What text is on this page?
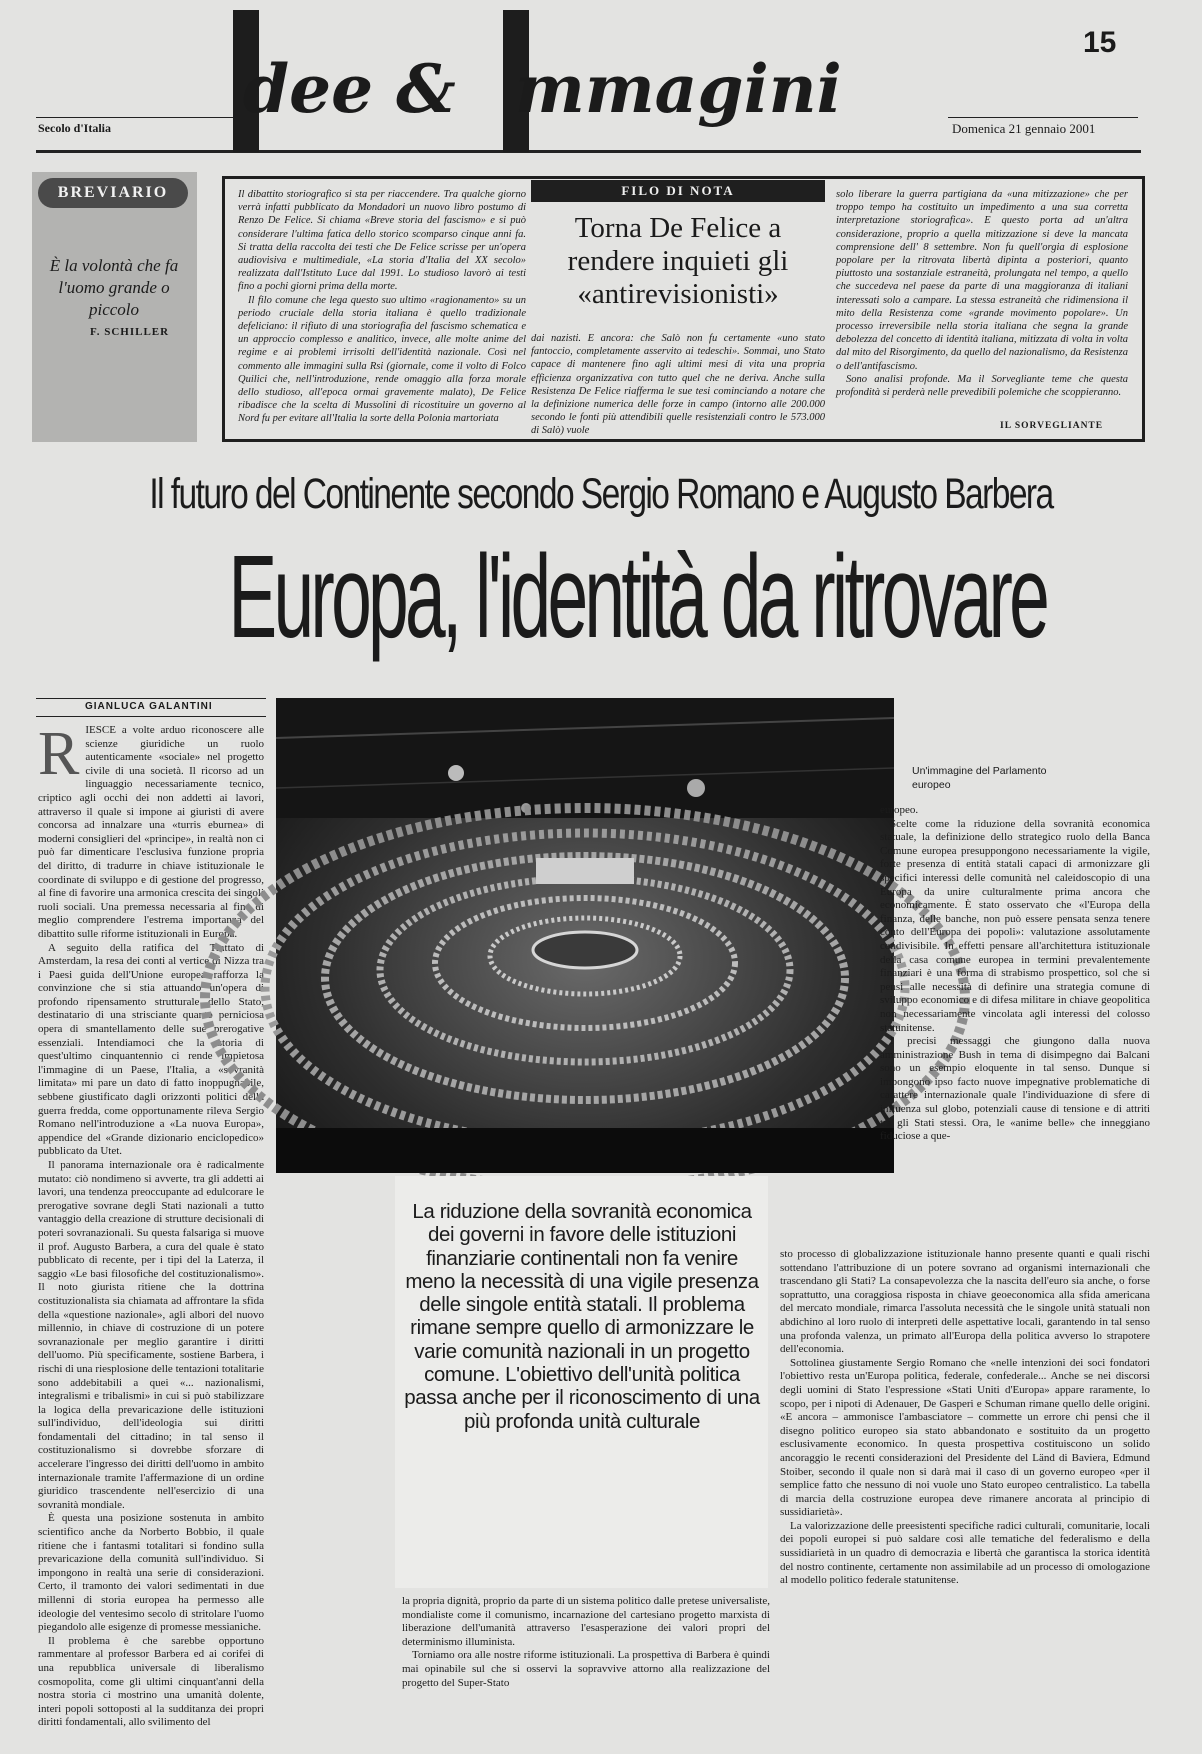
15
Secolo d'Italia	Domenica 21 gennaio 2001
dee & mmagini
BREVIARIO
È la volontà che fa l'uomo grande o piccolo
F. SCHILLER

Il dibattito storiografico si sta per riaccendere. Tra qualche giorno verrà infatti pubblicato da Mondadori un nuovo libro postumo di Renzo De Felice. Si chiama «Breve storia del fascismo» e si può considerare l'ultima fatica dello storico scomparso cinque anni fa. Si tratta della raccolta dei testi che De Felice scrisse per un'opera audiovisiva e multimediale, «La storia d'Italia del XX secolo» realizzata dall'Istituto Luce dal 1991. Lo studioso lavorò ai testi fino a pochi giorni prima della morte.

Il filo comune che lega questo suo ultimo «ragionamento» su un periodo cruciale della storia italiana è quello tradizionale defeliciano: il rifiuto di una storiografia del fascismo schematica e un approccio complesso e analitico, invece, alle molte anime del regime e ai problemi irrisolti dell'identità nazionale. Così nel commento alle immagini sulla Rsi (giornale, come il volto di Folco Quilici che, nell'introduzione, rende omaggio alla forza morale dello studioso, all'epoca ormai gravemente malato), De Felice ribadisce che la scelta di Mussolini di ricostituire un governo al Nord fu per evitare all'Italia la sorte della Polonia martoriata

FILO DI NOTA
Torna De Felice a rendere inquieti gli «antirevisionisti»

dai nazisti. E ancora: che Salò non fu certamente «uno stato fantoccio, completamente asservito ai tedeschi». Sommai, uno Stato capace di mantenere fino agli ultimi mesi di vita una propria efficienza organizzativa con tutto quel che ne deriva. Anche sulla Resistenza De Felice riafferma le sue tesi cominciando a notare che la definizione numerica delle forze in campo (intorno alle 200.000 secondo le fonti più attendibili quelle resistenziali contro le 573.000 di Salò) vuole

solo liberare la guerra partigiana da «una mitizzazione» che per troppo tempo ha costituito un impedimento a una sua corretta interpretazione storiografica». E questo porta ad un'altra considerazione, proprio a quella mitizzazione si deve la mancata comprensione dell' 8 settembre. Non fu quell'orgia di esplosione popolare per la ritrovata libertà dipinta a posteriori, quanto piuttosto una sostanziale estraneità, prolungata nel tempo, a quello che succedeva nel paese da parte di una maggioranza di italiani interessati solo a campare. La stessa estraneità che ridimensiona il mito della Resistenza come «grande movimento popolare». Un processo irreversibile nella storia italiana che segna la grande debolezza del concetto di identità italiana, mitizzata di volta in volta dal mito del Risorgimento, da quello del nazionalismo, da Resistenza o dell'antifascismo.

Sono analisi profonde. Ma il Sorvegliante teme che questa profondità si perderà nelle prevedibili polemiche che scoppieranno.

IL SORVEGLIANTE
Il futuro del Continente secondo Sergio Romano e Augusto Barbera
Europa, l'identità da ritrovare
GIANLUCA GALANTINI
R IESCE a volte arduo riconoscere alle scienze giuridiche un ruolo autenticamente «sociale» nel progetto civile di una società. Il ricorso ad un linguaggio necessariamente tecnico, criptico agli occhi dei non addetti ai lavori, attraverso il quale si impone ai giuristi di avere concorsa ad innalzare una «turris eburnea» di moderni consiglieri del «principe», in realtà non ci può far dimenticare l'esclusiva funzione propria del diritto, di tradurre in chiave istituzionale le coordinate di sviluppo e di gestione del progresso, al fine di favorire una armonica crescita dei singoli ruoli sociali. Una premessa necessaria al fine di meglio comprendere l'estrema importanza del dibattito sulle riforme istituzionali in Europa.

A seguito della ratifica del Trattato di Amsterdam, la resa dei conti al vertice di Nizza tra i Paesi guida dell'Unione europea rafforza la convinzione che si stia attuando un'opera di profondo ripensamento strutturale dello Stato, destinatario di una strisciante quanto perniciosa opera di smantellamento delle sue prerogative essenziali. Intendiamoci che la storia di quest'ultimo cinquantennio ci rende impietosa l'immagine di un Paese, l'Italia, a «sovranità limitata» mi pare un dato di fatto inoppugnabile, sebbene giustificato dagli orizzonti politici della guerra fredda, come opportunamente rileva Sergio Romano nell'introduzione a «La nuova Europa», appendice del «Grande dizionario enciclopedico» pubblicato da Utet.

Il panorama internazionale ora è radicalmente mutato: ciò nondimeno si avverte, tra gli addetti ai lavori, una tendenza preoccupante ad edulcorare le prerogative sovrane degli Stati nazionali a tutto vantaggio della creazione di strutture decisionali di poteri sovranazionali. Su questa falsariga si muove il prof. Augusto Barbera, a cura del quale è stato pubblicato di recente, per i tipi del la Laterza, il saggio «Le basi filosofiche del costituzionalismo». Il noto giurista ritiene che la dottrina costituzionalista sia chiamata ad affrontare la sfida della «questione nazionale», agli albori del nuovo millennio, in chiave di costruzione di un potere sovranazionale per meglio garantire i diritti dell'uomo. Più specificamente, sostiene Barbera, i rischi di una riesplosione delle tentazioni totalitarie sono addebitabili a quei «... nazionalismi, integralismi e tribalismi» in cui si può stabilizzare la logica della prevaricazione delle istituzioni sull'individuo, dell'ideologia sui diritti fondamentali del cittadino; in tal senso il costituzionalismo si dovrebbe sforzare di accelerare l'ingresso dei diritti dell'uomo in ambito internazionale tramite l'affermazione di un ordine giuridico trascendente nell'esercizio di una sovranità mondiale.

È questa una posizione sostenuta in ambito scientifico anche da Norberto Bobbio, il quale ritiene che i fantasmi totalitari si fondino sulla prevaricazione della comunità sull'individuo. Si impongono in realtà una serie di considerazioni. Certo, il tramonto dei valori sedimentati in due millenni di storia europea ha permesso alle ideologie del ventesimo secolo di stritolare l'uomo piegandolo alle esigenze di promesse messianiche.

Il problema è che sarebbe opportuno rammentare al professor Barbera ed ai corifei di una repubblica universale di liberalismo cosmopolita, come gli ultimi cinquant'anni della nostra storia ci mostrino una umanità dolente, interi popoli sottoposti al la sudditanza dei propri diritti fondamentali, allo svilimento del

Un'immagine del Parlamento europeo

europeo.

Scelte come la riduzione della sovranità economica statuale, la definizione dello strategico ruolo della Banca Comune europea presuppongono necessariamente la vigile, forte presenza di entità statali capaci di armonizzare gli specifici interessi delle comunità nel caleidoscopio di una Europa da unire culturalmente prima ancora che economicamente. È stato osservato che «l'Europa della finanza, delle banche, non può essere pensata senza tenere conto dell'Europa dei popoli»: valutazione assolutamente condivisibile. In effetti pensare all'architettura istituzionale della casa comune europea in termini prevalentemente finanziari è una forma di strabismo prospettico, sol che si pensi alle necessità di definire una strategia comune di sviluppo economico e di difesa militare in chiave geopolitica non necessariamente vincolata agli interessi del colosso statunitense.

I precisi messaggi che giungono dalla nuova amministrazione Bush in tema di disimpegno dai Balcani sono un esempio eloquente in tal senso. Dunque si impongono ipso facto nuove impegnative problematiche di carattere internazionale quale l'individuazione di sfere di influenza sul globo, potenziali cause di tensione e di attriti tra gli Stati stessi. Ora, le «anime belle» che inneggiano fiduciose a que-

La riduzione della sovranità economica dei governi in favore delle istituzioni finanziarie continentali non fa venire meno la necessità di una vigile presenza delle singole entità statali. Il problema rimane sempre quello di armonizzare le varie comunità nazionali in un progetto comune. L'obiettivo dell'unità politica passa anche per il riconoscimento di una più profonda unità culturale

la propria dignità, proprio da parte di un sistema politico dalle pretese universaliste, mondialiste come il comunismo, incarnazione del cartesiano progetto marxista di liberazione dell'umanità attraverso l'esasperazione dei valori propri del determinismo illuminista.

Torniamo ora alle nostre riforme istituzionali. La prospettiva di Barbera è quindi mai opinabile sul che si osservi la sopravvive attorno alla realizzazione del progetto del Super-Stato

sto processo di globalizzazione istituzionale hanno presente quanti e quali rischi sottendano l'attribuzione di un potere sovrano ad organismi internazionali che trascendano gli Stati? La consapevolezza che la nascita dell'euro sia anche, o forse soprattutto, una coraggiosa risposta in chiave geoeconomica alla sfida americana del mercato mondiale, rimarca l'assoluta necessità che le singole unità statuali non abdichino al loro ruolo di interpreti delle aspettative locali, garantendo in tal senso una profonda valenza, un primato all'Europa della politica avverso lo strapotere dell'economia.

Sottolinea giustamente Sergio Romano che «nelle intenzioni dei soci fondatori l'obiettivo resta un'Europa politica, federale, confederale... Anche se nei discorsi degli uomini di Stato l'espressione «Stati Uniti d'Europa» appare raramente, lo scopo, per i nipoti di Adenauer, De Gasperi e Schuman rimane quello delle origini. «E ancora – ammonisce l'ambasciatore – commette un errore chi pensi che il disegno politico europeo sia stato abbandonato e sostituito da un progetto esclusivamente economico. In questa prospettiva costituiscono un solido ancoraggio le recenti considerazioni del Presidente del Länd di Baviera, Edmund Stoiber, secondo il quale non si darà mai il caso di un governo europeo «per il semplice fatto che nessuno di noi vuole uno Stato europeo centralistico. La tabella di marcia della costruzione europea deve rimanere ancorata al principio di sussidiarietà».

La valorizzazione delle preesistenti specifiche radici culturali, comunitarie, locali dei popoli europei si può saldare così alle tematiche del federalismo e della sussidiarietà in un quadro di democrazia e libertà che garantisca la storica identità del nostro continente, certamente non assimilabile ad un processo di omologazione al modello politico federale statunitense.
